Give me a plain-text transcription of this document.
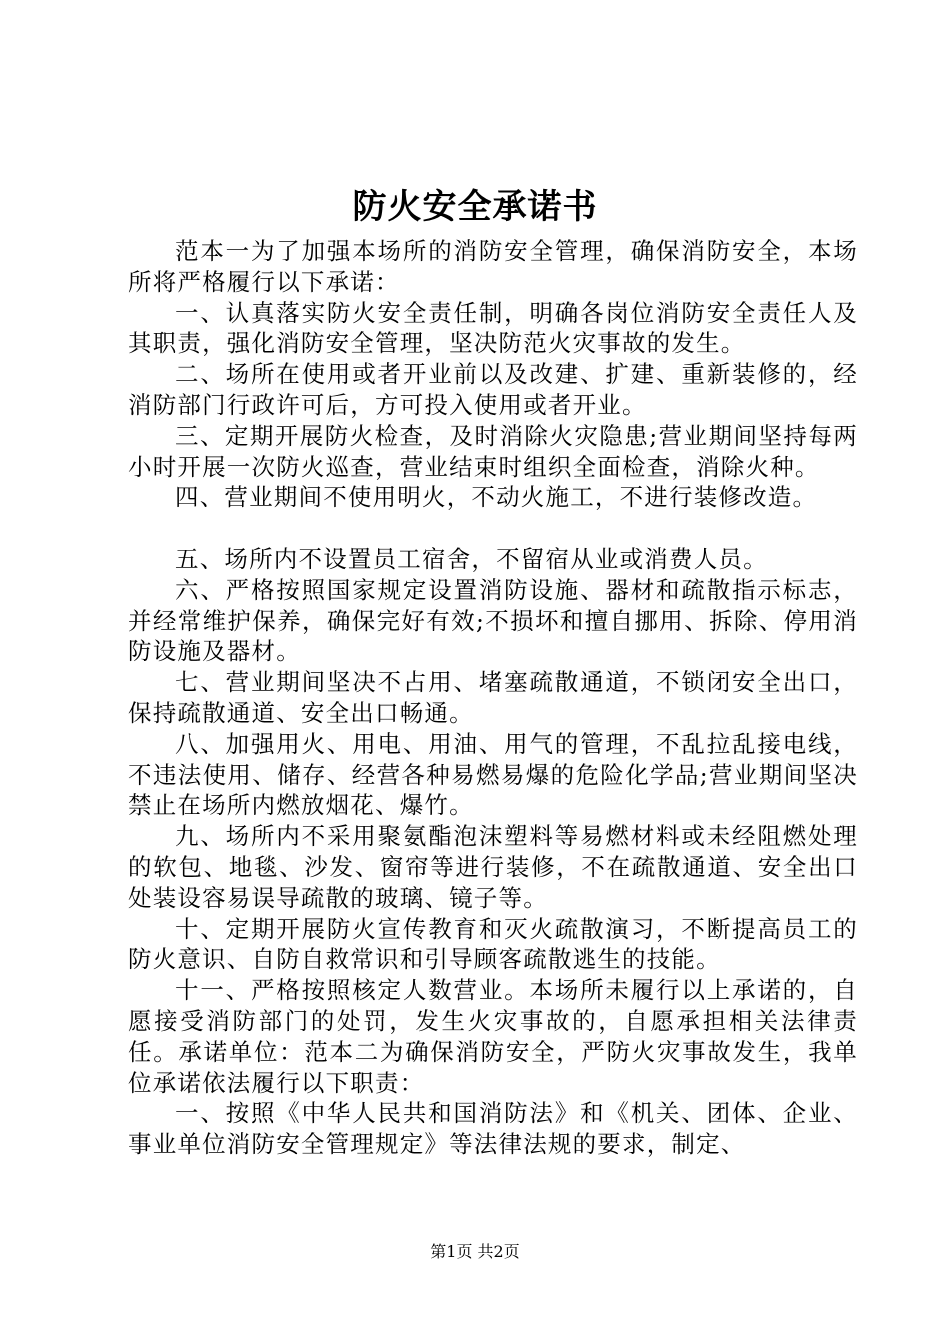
防火安全承诺书

范本一为了加强本场所的消防安全管理，确保消防安全，本场所将严格履行以下承诺：

一、认真落实防火安全责任制，明确各岗位消防安全责任人及其职责，强化消防安全管理，坚决防范火灾事故的发生。

二、场所在使用或者开业前以及改建、扩建、重新装修的，经消防部门行政许可后，方可投入使用或者开业。

三、定期开展防火检查，及时消除火灾隐患;营业期间坚持每两小时开展一次防火巡查，营业结束时组织全面检查，消除火种。

四、营业期间不使用明火，不动火施工，不进行装修改造。

五、场所内不设置员工宿舍，不留宿从业或消费人员。

六、严格按照国家规定设置消防设施、器材和疏散指示标志，并经常维护保养，确保完好有效;不损坏和擅自挪用、拆除、停用消防设施及器材。

七、营业期间坚决不占用、堵塞疏散通道，不锁闭安全出口，保持疏散通道、安全出口畅通。

八、加强用火、用电、用油、用气的管理，不乱拉乱接电线，不违法使用、储存、经营各种易燃易爆的危险化学品;营业期间坚决禁止在场所内燃放烟花、爆竹。

九、场所内不采用聚氨酯泡沫塑料等易燃材料或未经阻燃处理的软包、地毯、沙发、窗帘等进行装修，不在疏散通道、安全出口处装设容易误导疏散的玻璃、镜子等。

十、定期开展防火宣传教育和灭火疏散演习，不断提高员工的防火意识、自防自救常识和引导顾客疏散逃生的技能。

十一、严格按照核定人数营业。本场所未履行以上承诺的，自愿接受消防部门的处罚，发生火灾事故的，自愿承担相关法律责任。承诺单位：范本二为确保消防安全，严防火灾事故发生，我单位承诺依法履行以下职责：

一、按照《中华人民共和国消防法》和《机关、团体、企业、事业单位消防安全管理规定》等法律法规的要求，制定、

第1页 共2页
